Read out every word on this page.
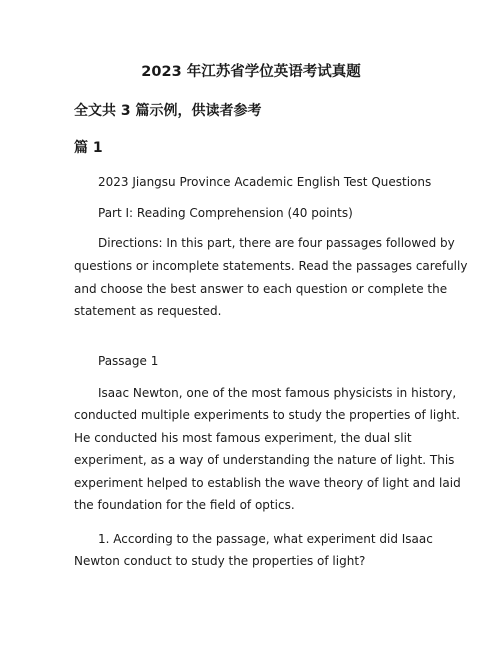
2023 年江苏省学位英语考试真题
全文共 3 篇示例，供读者参考
篇 1

2023 Jiangsu Province Academic English Test Questions

Part I: Reading Comprehension (40 points)

Directions: In this part, there are four passages followed by

questions or incomplete statements. Read the passages carefully

and choose the best answer to each question or complete the

statement as requested.

Passage 1

Isaac Newton, one of the most famous physicists in history,

conducted multiple experiments to study the properties of light.

He conducted his most famous experiment, the dual slit

experiment, as a way of understanding the nature of light. This

experiment helped to establish the wave theory of light and laid

the foundation for the field of optics.

1. According to the passage, what experiment did Isaac

Newton conduct to study the properties of light?
